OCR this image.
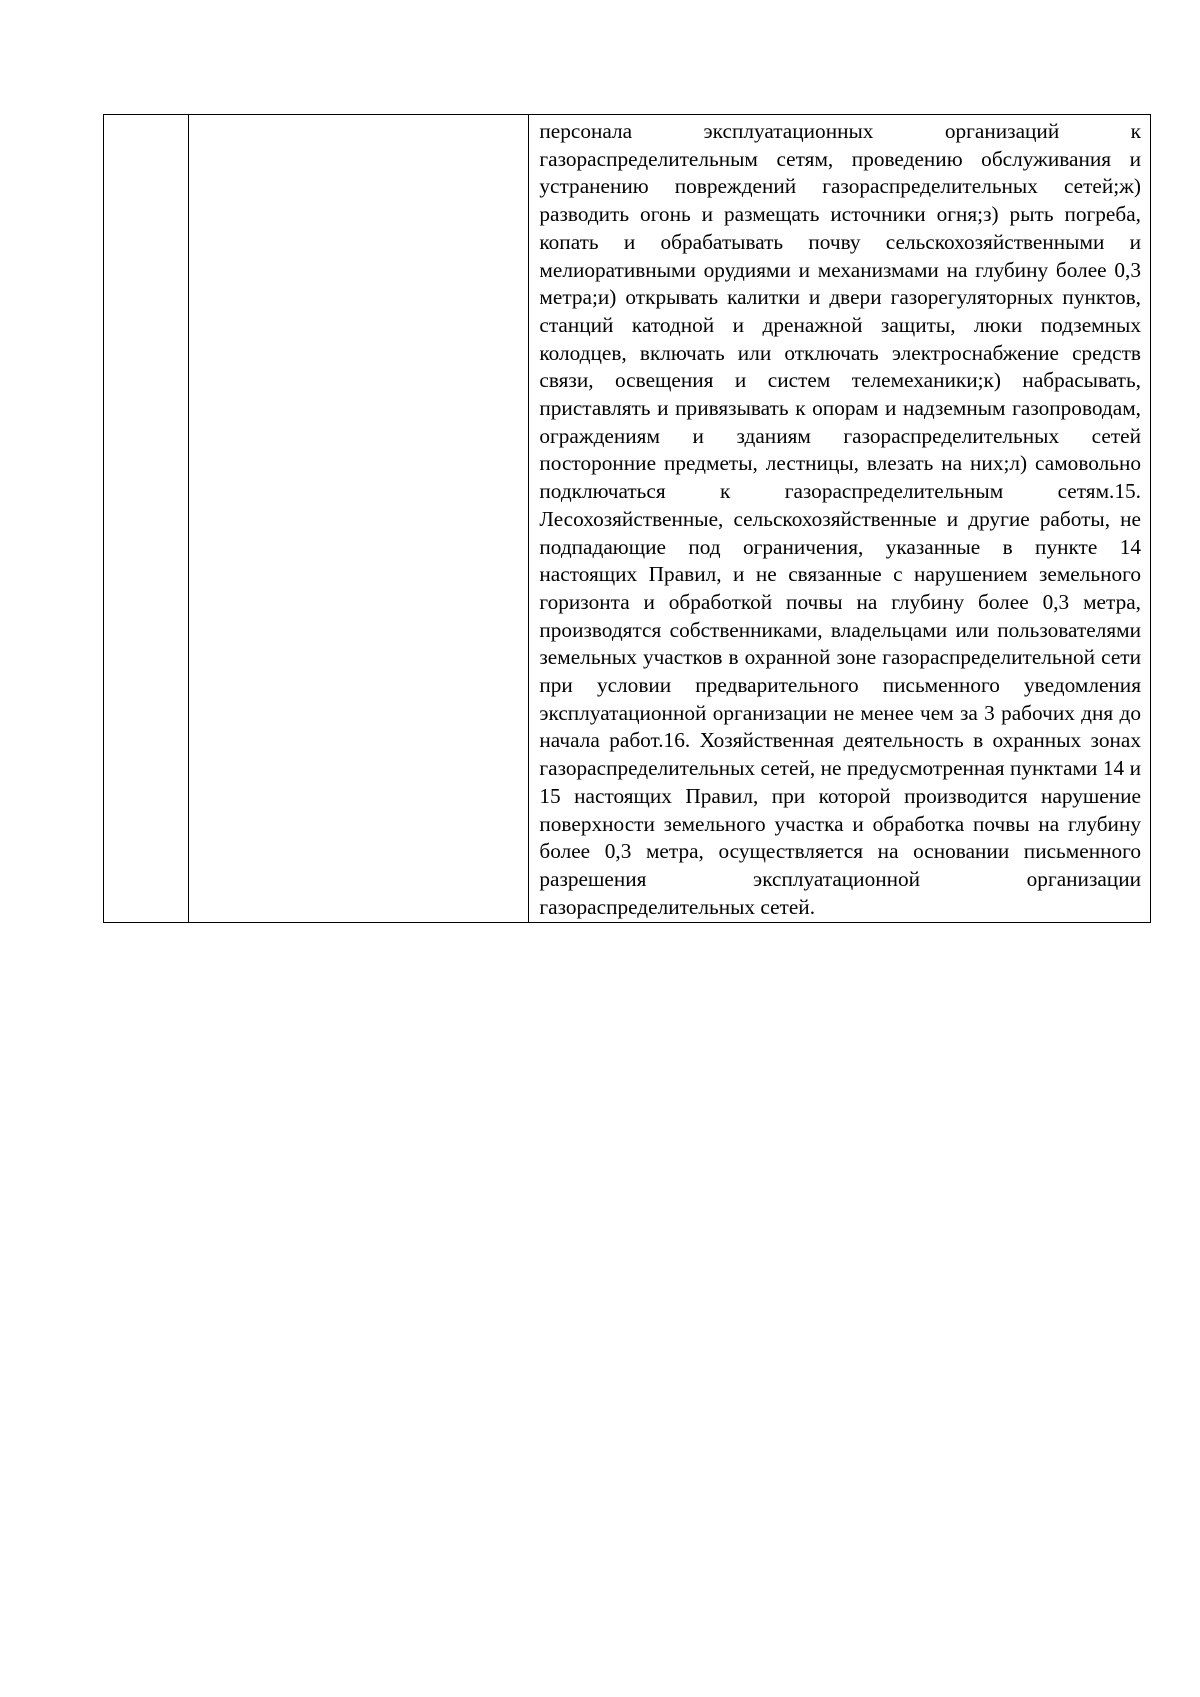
персонала эксплуатационных организаций к газораспределительным сетям, проведению обслуживания и устранению повреждений газораспределительных сетей;ж) разводить огонь и размещать источники огня;з) рыть погреба, копать и обрабатывать почву сельскохозяйственными и мелиоративными орудиями и механизмами на глубину более 0,3 метра;и) открывать калитки и двери газорегуляторных пунктов, станций катодной и дренажной защиты, люки подземных колодцев, включать или отключать электроснабжение средств связи, освещения и систем телемеханики;к) набрасывать, приставлять и привязывать к опорам и надземным газопроводам, ограждениям и зданиям газораспределительных сетей посторонние предметы, лестницы, влезать на них;л) самовольно подключаться к газораспределительным сетям.15. Лесохозяйственные, сельскохозяйственные и другие работы, не подпадающие под ограничения, указанные в пункте 14 настоящих Правил, и не связанные с нарушением земельного горизонта и обработкой почвы на глубину более 0,3 метра, производятся собственниками, владельцами или пользователями земельных участков в охранной зоне газораспределительной сети при условии предварительного письменного уведомления эксплуатационной организации не менее чем за 3 рабочих дня до начала работ.16. Хозяйственная деятельность в охранных зонах газораспределительных сетей, не предусмотренная пунктами 14 и 15 настоящих Правил, при которой производится нарушение поверхности земельного участка и обработка почвы на глубину более 0,3 метра, осуществляется на основании письменного разрешения эксплуатационной организации газораспределительных сетей.
